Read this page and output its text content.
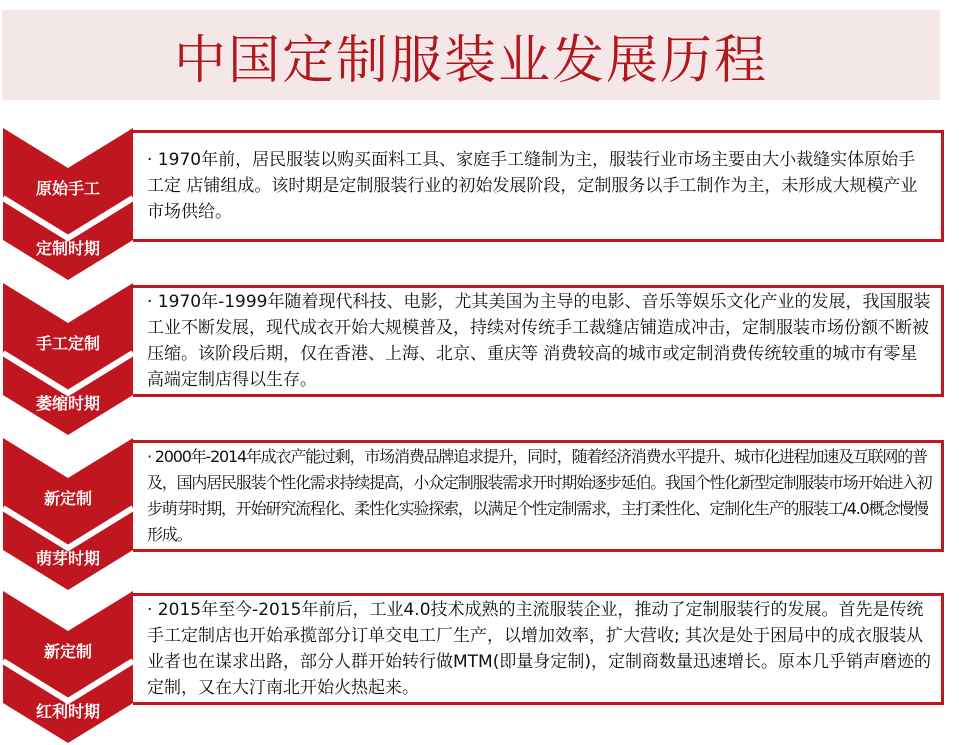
中国定制服装业发展历程
原始手工
定制时期

· 1970年前，居民服装以购买面料工具、家庭手工缝制为主，服装行业市场主要由大小裁缝实体原始手工定 店铺组成。该时期是定制服装行业的初始发展阶段，定制服务以手工制作为主，未形成大规模产业市场供给。

手工定制
萎缩时期

· 1970年-1999年随着现代科技、电影，尤其美国为主导的电影、音乐等娱乐文化产业的发展，我国服装工业不断发展，现代成衣开始大规模普及，持续对传统手工裁缝店铺造成冲击，定制服装市场份额不断被压缩。该阶段后期，仅在香港、上海、北京、重庆等 消费较高的城市或定制消费传统较重的城市有零星高端定制店得以生存。

新定制
萌芽时期

· 2000年-2014年成衣产能过剩，市场消费品牌追求提升，同时，随着经济消费水平提升、城市化进程加速及互联网的普及，国内居民服装个性化需求持续提高，小众定制服装需求开时期始逐步延伯。我国个性化新型定制服装市场开始进入初步萌芽时期，开始研究流程化、柔性化实验探索，以满足个性定制需求，主打柔性化、定制化生产的服装工/4.0概念慢慢形成。

新定制
红利时期

· 2015年至今-2015年前后，工业4.0技术成熟的主流服装企业，推动了定制服装行的发展。首先是传统手工定制店也开始承揽部分订单交电工厂生产，以增加效率，扩大营收; 其次是处于困局中的成衣服装从业者也在谋求出路，部分人群开始转行做MTM(即量身定制)，定制商数量迅速增长。原本几乎销声磨迹的定制，又在大汀南北开始火热起来。
